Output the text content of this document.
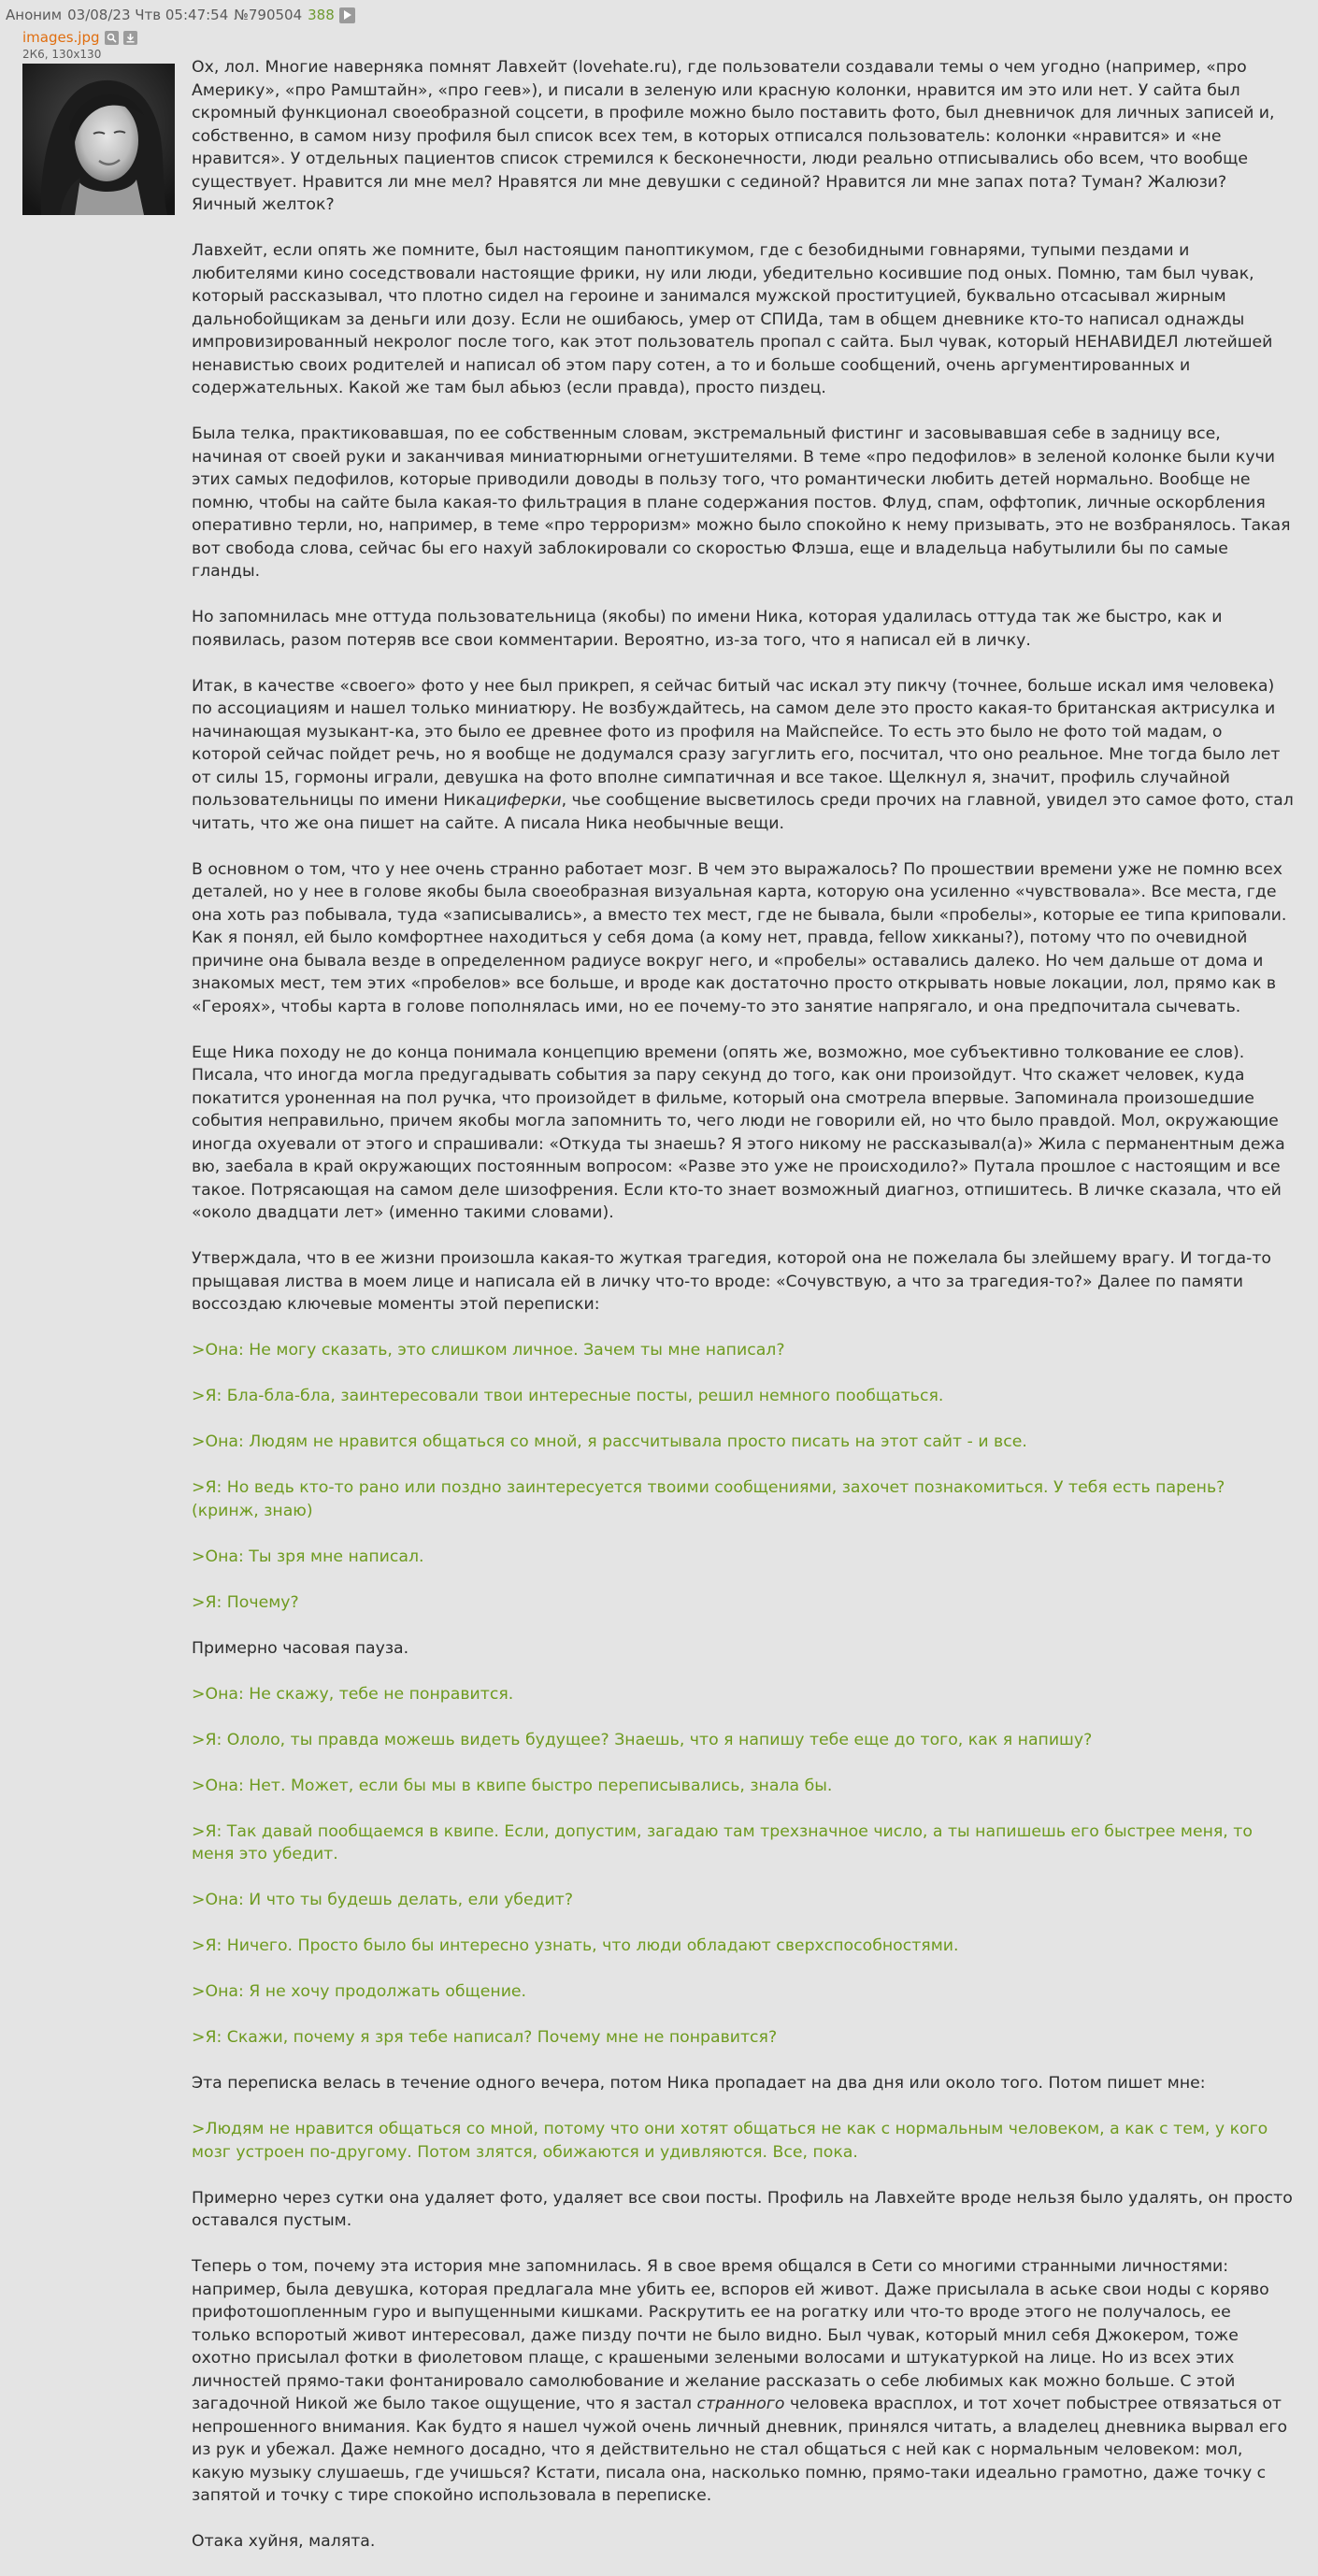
Аноним 03/08/23 Чтв 05:47:54 №790504 388
images.jpg
2К6, 130x130

Ох, лол. Многие наверняка помнят Лавхейт (lovehate.ru), где пользователи создавали темы о чем угодно (например, «про Америку», «про Рамштайн», «про геев»), и писали в зеленую или красную колонки, нравится им это или нет. У сайта был скромный функционал своеобразной соцсети, в профиле можно было поставить фото, был дневничок для личных записей и, собственно, в самом низу профиля был список всех тем, в которых отписался пользователь: колонки «нравится» и «не нравится». У отдельных пациентов список стремился к бесконечности, люди реально отписывались обо всем, что вообще существует. Нравится ли мне мел? Нравятся ли мне девушки с сединой? Нравится ли мне запах пота? Туман? Жалюзи? Яичный желток?

Лавхейт, если опять же помните, был настоящим паноптикумом, где с безобидными говнарями, тупыми пездами и любителями кино соседствовали настоящие фрики, ну или люди, убедительно косившие под оных. Помню, там был чувак, который рассказывал, что плотно сидел на героине и занимался мужской проституцией, буквально отсасывал жирным дальнобойщикам за деньги или дозу. Если не ошибаюсь, умер от СПИДа, там в общем дневнике кто-то написал однажды импровизированный некролог после того, как этот пользователь пропал с сайта. Был чувак, который НЕНАВИДЕЛ лютейшей ненавистью своих родителей и написал об этом пару сотен, а то и больше сообщений, очень аргументированных и содержательных. Какой же там был абьюз (если правда), просто пиздец.

Была телка, практиковавшая, по ее собственным словам, экстремальный фистинг и засовывавшая себе в задницу все, начиная от своей руки и заканчивая миниатюрными огнетушителями. В теме «про педофилов» в зеленой колонке были кучи этих самых педофилов, которые приводили доводы в пользу того, что романтически любить детей нормально. Вообще не помню, чтобы на сайте была какая-то фильтрация в плане содержания постов. Флуд, спам, оффтопик, личные оскорбления оперативно терли, но, например, в теме «про терроризм» можно было спокойно к нему призывать, это не возбранялось. Такая вот свобода слова, сейчас бы его нахуй заблокировали со скоростью Флэша, еще и владельца набутылили бы по самые гланды.

Но запомнилась мне оттуда пользовательница (якобы) по имени Ника, которая удалилась оттуда так же быстро, как и появилась, разом потеряв все свои комментарии. Вероятно, из-за того, что я написал ей в личку.

Итак, в качестве «своего» фото у нее был прикреп, я сейчас битый час искал эту пикчу (точнее, больше искал имя человека) по ассоциациям и нашел только миниатюру. Не возбуждайтесь, на самом деле это просто какая-то британская актрисулка и начинающая музыкант-ка, это было ее древнее фото из профиля на Майспейсе. То есть это было не фото той мадам, о которой сейчас пойдет речь, но я вообще не додумался сразу загуглить его, посчитал, что оно реальное. Мне тогда было лет от силы 15, гормоны играли, девушка на фото вполне симпатичная и все такое. Щелкнул я, значит, профиль случайной пользовательницы по имени Никациферки, чье сообщение высветилось среди прочих на главной, увидел это самое фото, стал читать, что же она пишет на сайте. А писала Ника необычные вещи.

В основном о том, что у нее очень странно работает мозг. В чем это выражалось? По прошествии времени уже не помню всех деталей, но у нее в голове якобы была своеобразная визуальная карта, которую она усиленно «чувствовала». Все места, где она хоть раз побывала, туда «записывались», а вместо тех мест, где не бывала, были «пробелы», которые ее типа криповали. Как я понял, ей было комфортнее находиться у себя дома (а кому нет, правда, fellow хикканы?), потому что по очевидной причине она бывала везде в определенном радиусе вокруг него, и «пробелы» оставались далеко. Но чем дальше от дома и знакомых мест, тем этих «пробелов» все больше, и вроде как достаточно просто открывать новые локации, лол, прямо как в «Героях», чтобы карта в голове пополнялась ими, но ее почему-то это занятие напрягало, и она предпочитала сычевать.

Еще Ника походу не до конца понимала концепцию времени (опять же, возможно, мое субъективно толкование ее слов). Писала, что иногда могла предугадывать события за пару секунд до того, как они произойдут. Что скажет человек, куда покатится уроненная на пол ручка, что произойдет в фильме, который она смотрела впервые. Запоминала произошедшие события неправильно, причем якобы могла запомнить то, чего люди не говорили ей, но что было правдой. Мол, окружающие иногда охуевали от этого и спрашивали: «Откуда ты знаешь? Я этого никому не рассказывал(а)» Жила с перманентным дежа вю, заебала в край окружающих постоянным вопросом: «Разве это уже не происходило?» Путала прошлое с настоящим и все такое. Потрясающая на самом деле шизофрения. Если кто-то знает возможный диагноз, отпишитесь. В личке сказала, что ей «около двадцати лет» (именно такими словами).

Утверждала, что в ее жизни произошла какая-то жуткая трагедия, которой она не пожелала бы злейшему врагу. И тогда-то прыщавая листва в моем лице и написала ей в личку что-то вроде: «Сочувствую, а что за трагедия-то?» Далее по памяти воссоздаю ключевые моменты этой переписки:

>Она: Не могу сказать, это слишком личное. Зачем ты мне написал?

>Я: Бла-бла-бла, заинтересовали твои интересные посты, решил немного пообщаться.

>Она: Людям не нравится общаться со мной, я рассчитывала просто писать на этот сайт - и все.

>Я: Но ведь кто-то рано или поздно заинтересуется твоими сообщениями, захочет познакомиться. У тебя есть парень? (кринж, знаю)

>Она: Ты зря мне написал.

>Я: Почему?

Примерно часовая пауза.

>Она: Не скажу, тебе не понравится.

>Я: Ололо, ты правда можешь видеть будущее? Знаешь, что я напишу тебе еще до того, как я напишу?

>Она: Нет. Может, если бы мы в квипе быстро переписывались, знала бы.

>Я: Так давай пообщаемся в квипе. Если, допустим, загадаю там трехзначное число, а ты напишешь его быстрее меня, то меня это убедит.

>Она: И что ты будешь делать, ели убедит?

>Я: Ничего. Просто было бы интересно узнать, что люди обладают сверхспособностями.

>Она: Я не хочу продолжать общение.

>Я: Скажи, почему я зря тебе написал? Почему мне не понравится?

Эта переписка велась в течение одного вечера, потом Ника пропадает на два дня или около того. Потом пишет мне:

>Людям не нравится общаться со мной, потому что они хотят общаться не как с нормальным человеком, а как с тем, у кого мозг устроен по-другому. Потом злятся, обижаются и удивляются. Все, пока.

Примерно через сутки она удаляет фото, удаляет все свои посты. Профиль на Лавхейте вроде нельзя было удалять, он просто оставался пустым.

Теперь о том, почему эта история мне запомнилась. Я в свое время общался в Сети со многими странными личностями: например, была девушка, которая предлагала мне убить ее, вспоров ей живот. Даже присылала в аське свои ноды с коряво прифотошопленным гуро и выпущенными кишками. Раскрутить ее на рогатку или что-то вроде этого не получалось, ее только вспоротый живот интересовал, даже пизду почти не было видно. Был чувак, который мнил себя Джокером, тоже охотно присылал фотки в фиолетовом плаще, с крашеными зелеными волосами и штукатуркой на лице. Но из всех этих личностей прямо-таки фонтанировало самолюбование и желание рассказать о себе любимых как можно больше. С этой загадочной Никой же было такое ощущение, что я застал странного человека врасплох, и тот хочет побыстрее отвязаться от непрошенного внимания. Как будто я нашел чужой очень личный дневник, принялся читать, а владелец дневника вырвал его из рук и убежал. Даже немного досадно, что я действительно не стал общаться с ней как с нормальным человеком: мол, какую музыку слушаешь, где учишься? Кстати, писала она, насколько помню, прямо-таки идеально грамотно, даже точку с запятой и точку с тире спокойно использовала в переписке.

Отака хуйня, малята.
